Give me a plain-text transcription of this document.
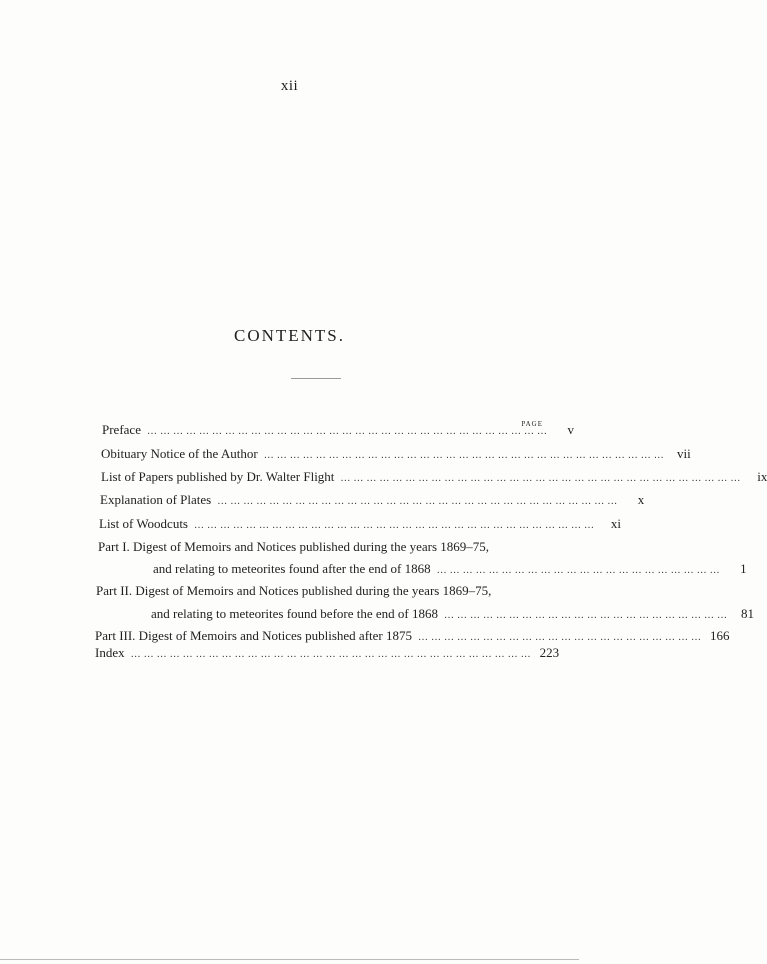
xii
CONTENTS.
PAGE
Preface …………………………………………………………………………………	v
Obituary Notice of the Author ………………………………………………………………………………… vii
List of Papers published by Dr. Walter Flight …………………………………………………………………………………	ix
Explanation of Plates …………………………………………………………………………………	x
List of Woodcuts …………………………………………………………………………………	xi
Part I. Digest of Memoirs and Notices published during the years 1869–75,
and relating to meteorites found after the end of 1868 …………………………………………………………	1
Part II. Digest of Memoirs and Notices published during the years 1869–75,
and relating to meteorites found before the end of 1868 ………………………………………………………… 81
Part III. Digest of Memoirs and Notices published after 1875 ………………………………………………………… 166
Index ………………………………………………………………………………… 223
